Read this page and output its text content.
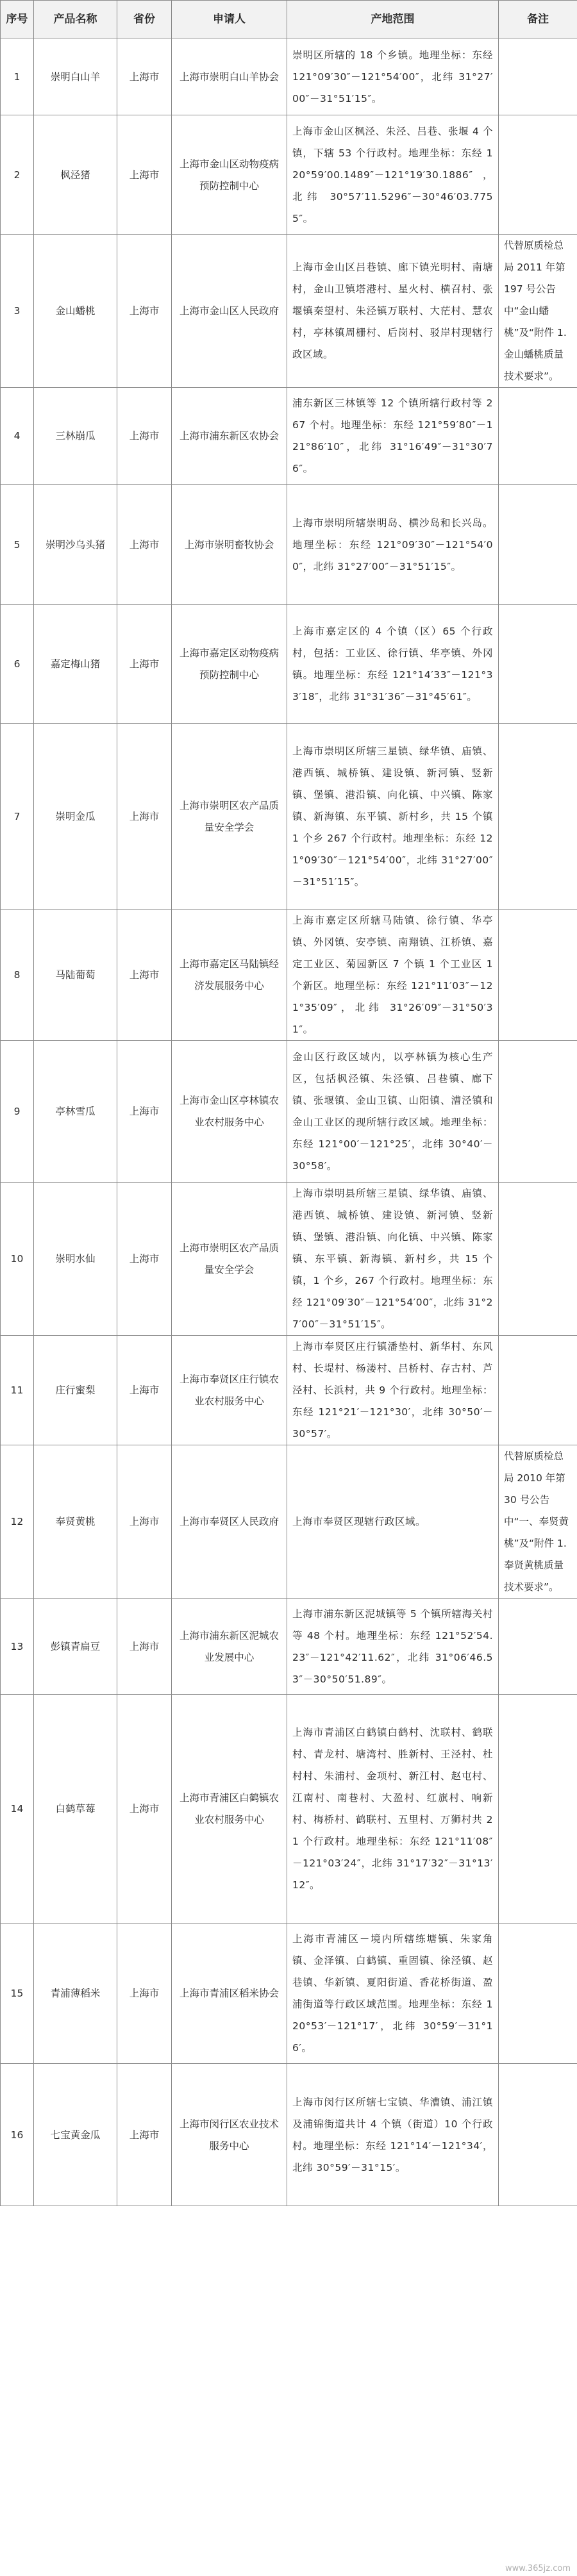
序号	产品名称	省份	申请人	产地范围	备注
1	崇明白山羊	上海市	上海市崇明白山羊协会	崇明区所辖的 18 个乡镇。地理坐标：东经 121°09′30″－121°54′00″，北纬 31°27′00″－31°51′15″。	
2	枫泾猪	上海市	上海市金山区动物疫病预防控制中心	上海市金山区枫泾、朱泾、吕巷、张堰 4 个镇，下辖 53 个行政村。地理坐标：东经 120°59′00.1489″－121°19′30.1886″，北纬 30°57′11.5296″－30°46′03.7755″。	
3	金山蟠桃	上海市	上海市金山区人民政府	上海市金山区吕巷镇、廊下镇光明村、南塘村，金山卫镇塔港村、星火村、横召村、张堰镇秦望村、朱泾镇万联村、大茫村、慧农村，亭林镇周栅村、后岗村、驳岸村现辖行政区域。	代替原质检总局 2011 年第 197 号公告中“金山蟠桃”及“附件 1.金山蟠桃质量技术要求”。
4	三林崩瓜	上海市	上海市浦东新区农协会	浦东新区三林镇等 12 个镇所辖行政村等 267 个村。地理坐标：东经 121°59′80″－121°86′10″，北纬 31°16′49″－31°30′76″。	
5	崇明沙乌头猪	上海市	上海市崇明畜牧协会	上海市崇明所辖崇明岛、横沙岛和长兴岛。地理坐标：东经 121°09′30″－121°54′00″，北纬 31°27′00″－31°51′15″。	
6	嘉定梅山猪	上海市	上海市嘉定区动物疫病预防控制中心	上海市嘉定区的 4 个镇（区）65 个行政村，包括：工业区、徐行镇、华亭镇、外冈镇。地理坐标：东经 121°14′33″－121°33′18″，北纬 31°31′36″－31°45′61″。	
7	崇明金瓜	上海市	上海市崇明区农产品质量安全学会	上海市崇明区所辖三星镇、绿华镇、庙镇、港西镇、城桥镇、建设镇、新河镇、竖新镇、堡镇、港沿镇、向化镇、中兴镇、陈家镇、新海镇、东平镇、新村乡，共 15 个镇 1 个乡 267 个行政村。地理坐标：东经 121°09′30″－121°54′00″，北纬 31°27′00″－31°51′15″。	
8	马陆葡萄	上海市	上海市嘉定区马陆镇经济发展服务中心	上海市嘉定区所辖马陆镇、徐行镇、华亭镇、外冈镇、安亭镇、南翔镇、江桥镇、嘉定工业区、菊园新区 7 个镇 1 个工业区 1 个新区。地理坐标：东经 121°11′03″－121°35′09″，北纬 31°26′09″－31°50′31″。	
9	亭林雪瓜	上海市	上海市金山区亭林镇农业农村服务中心	金山区行政区域内，以亭林镇为核心生产区，包括枫泾镇、朱泾镇、吕巷镇、廊下镇、张堰镇、金山卫镇、山阳镇、漕泾镇和金山工业区的现所辖行政区域。地理坐标：东经 121°00′－121°25′，北纬 30°40′－30°58′。	
10	崇明水仙	上海市	上海市崇明区农产品质量安全学会	上海市崇明县所辖三星镇、绿华镇、庙镇、港西镇、城桥镇、建设镇、新河镇、竖新镇、堡镇、港沿镇、向化镇、中兴镇、陈家镇、东平镇、新海镇、新村乡，共 15 个镇，1 个乡，267 个行政村。地理坐标：东经 121°09′30″－121°54′00″，北纬 31°27′00″－31°51′15″。	
11	庄行蜜梨	上海市	上海市奉贤区庄行镇农业农村服务中心	上海市奉贤区庄行镇潘垫村、新华村、东风村、长堤村、杨溇村、吕桥村、存古村、芦泾村、长浜村，共 9 个行政村。地理坐标：东经 121°21′－121°30′，北纬 30°50′－30°57′。	
12	奉贤黄桃	上海市	上海市奉贤区人民政府	上海市奉贤区现辖行政区域。	代替原质检总局 2010 年第 30 号公告中“一、奉贤黄桃”及“附件 1.奉贤黄桃质量技术要求”。
13	彭镇青扁豆	上海市	上海市浦东新区泥城农业发展中心	上海市浦东新区泥城镇等 5 个镇所辖海关村等 48 个村。地理坐标：东经 121°52′54.23″－121°42′11.62″，北纬 31°06′46.53″－30°50′51.89″。	
14	白鹤草莓	上海市	上海市青浦区白鹤镇农业农村服务中心	上海市青浦区白鹤镇白鹤村、沈联村、鹤联村、青龙村、塘湾村、胜新村、王泾村、杜村村、朱浦村、金项村、新江村、赵屯村、江南村、南巷村、大盈村、红旗村、响新村、梅桥村、鹤联村、五里村、万狮村共 21 个行政村。地理坐标：东经 121°11′08″－121°03′24″，北纬 31°17′32″－31°13′12″。	
15	青浦薄稻米	上海市	上海市青浦区稻米协会	上海市青浦区－境内所辖练塘镇、朱家角镇、金泽镇、白鹤镇、重固镇、徐泾镇、赵巷镇、华新镇、夏阳街道、香花桥街道、盈浦街道等行政区域范围。地理坐标：东经 120°53′－121°17′，北纬 30°59′－31°16′。	
16	七宝黄金瓜	上海市	上海市闵行区农业技术服务中心	上海市闵行区所辖七宝镇、华漕镇、浦江镇及浦锦街道共计 4 个镇（街道）10 个行政村。地理坐标：东经 121°14′－121°34′，北纬 30°59′－31°15′。	
www.365jz.com
